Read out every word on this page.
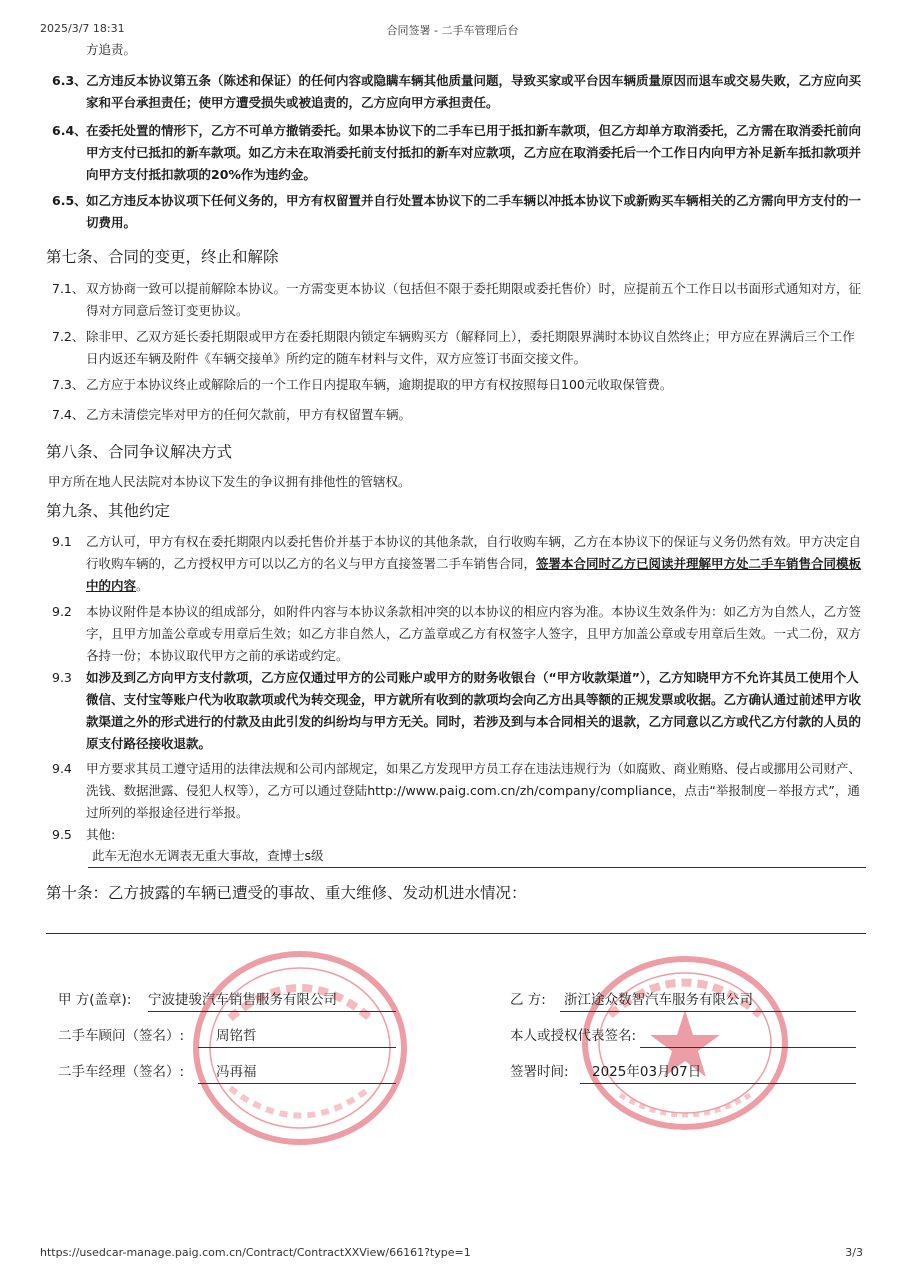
2025/3/7 18:31	合同签署 - 二手车管理后台
方追责。
6.3、 乙方违反本协议第五条（陈述和保证）的任何内容或隐瞒车辆其他质量问题，导致买家或平台因车辆质量原因而退车或交易失败，乙方应向买家和平台承担责任；使甲方遭受损失或被追责的，乙方应向甲方承担责任。
6.4、 在委托处置的情形下，乙方不可单方撤销委托。如果本协议下的二手车已用于抵扣新车款项，但乙方却单方取消委托，乙方需在取消委托前向甲方支付已抵扣的新车款项。如乙方未在取消委托前支付抵扣的新车对应款项，乙方应在取消委托后一个工作日内向甲方补足新车抵扣款项并向甲方支付抵扣款项的20%作为违约金。
6.5、 如乙方违反本协议项下任何义务的，甲方有权留置并自行处置本协议下的二手车辆以冲抵本协议下或新购买车辆相关的乙方需向甲方支付的一切费用。
第七条、合同的变更，终止和解除
7.1、 双方协商一致可以提前解除本协议。一方需变更本协议（包括但不限于委托期限或委托售价）时，应提前五个工作日以书面形式通知对方，征得对方同意后签订变更协议。
7.2、 除非甲、乙双方延长委托期限或甲方在委托期限内锁定车辆购买方（解释同上），委托期限界满时本协议自然终止；甲方应在界满后三个工作日内返还车辆及附件《车辆交接单》所约定的随车材料与文件，双方应签订书面交接文件。
7.3、 乙方应于本协议终止或解除后的一个工作日内提取车辆，逾期提取的甲方有权按照每日100元收取保管费。
7.4、 乙方未清偿完毕对甲方的任何欠款前，甲方有权留置车辆。
第八条、合同争议解决方式
甲方所在地人民法院对本协议下发生的争议拥有排他性的管辖权。
第九条、其他约定
9.1	乙方认可，甲方有权在委托期限内以委托售价并基于本协议的其他条款，自行收购车辆，乙方在本协议下的保证与义务仍然有效。甲方决定自行收购车辆的，乙方授权甲方可以以乙方的名义与甲方直接签署二手车销售合同，签署本合同时乙方已阅读并理解甲方处二手车销售合同模板中的内容。
9.2	本协议附件是本协议的组成部分，如附件内容与本协议条款相冲突的以本协议的相应内容为准。本协议生效条件为：如乙方为自然人，乙方签字，且甲方加盖公章或专用章后生效；如乙方非自然人，乙方盖章或乙方有权签字人签字，且甲方加盖公章或专用章后生效。一式二份，双方各持一份；本协议取代甲方之前的承诺或约定。
9.3	如涉及到乙方向甲方支付款项，乙方应仅通过甲方的公司账户或甲方的财务收银台（“甲方收款渠道”），乙方知晓甲方不允许其员工使用个人微信、支付宝等账户代为收取款项或代为转交现金，甲方就所有收到的款项均会向乙方出具等额的正规发票或收据。乙方确认通过前述甲方收款渠道之外的形式进行的付款及由此引发的纠纷均与甲方无关。同时，若涉及到与本合同相关的退款，乙方同意以乙方或代乙方付款的人员的原支付路径接收退款。
9.4	甲方要求其员工遵守适用的法律法规和公司内部规定，如果乙方发现甲方员工存在违法违规行为（如腐败、商业贿赂、侵占或挪用公司财产、洗钱、数据泄露、侵犯人权等），乙方可以通过登陆http://www.paig.com.cn/zh/company/compliance，点击“举报制度－举报方式”，通过所列的举报途径进行举报。
9.5	其他:
此车无泡水无调表无重大事故，查博士s级
第十条：乙方披露的车辆已遭受的事故、重大维修、发动机进水情况：
甲 方(盖章): 宁波捷骏汽车销售服务有限公司
二手车顾问（签名）:	周铭哲
二手车经理（签名）:	冯再福
乙 方: 浙江途众数智汽车服务有限公司
本人或授权代表签名:
签署时间:	2025年03月07日
https://usedcar-manage.paig.com.cn/Contract/ContractXXView/66161?type=1	3/3
